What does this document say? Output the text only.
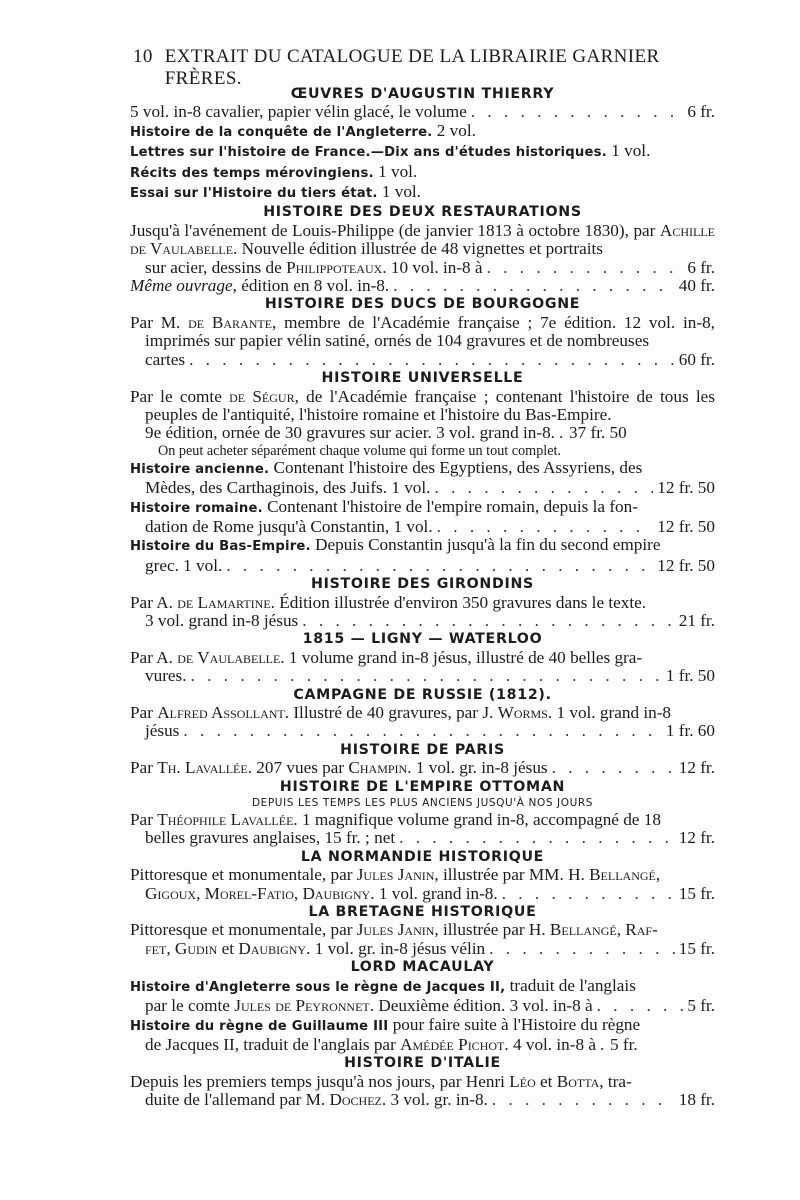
10 EXTRAIT DU CATALOGUE DE LA LIBRAIRIE GARNIER FRÈRES.
ŒUVRES D'AUGUSTIN THIERRY
5 vol. in-8 cavalier, papier vélin glacé, le volume . . .	6 fr.
Histoire de la conquête de l'Angleterre. 2 vol.
Lettres sur l'histoire de France.—Dix ans d'études historiques. 1 vol.
Récits des temps mérovingiens. 1 vol.
Essai sur l'Histoire du tiers état. 1 vol.
HISTOIRE DES DEUX RESTAURATIONS
Jusqu'à l'avénement de Louis-Philippe (de janvier 1813 à octobre 1830), par Achille de Vaulabelle. Nouvelle édition illustrée de 48 vignettes et portraits
sur acier, dessins de Philippoteaux. 10 vol. in-8 à . . .	6 fr.
Même ouvrage, édition en 8 vol. in-8. . . .	40 fr.
HISTOIRE DES DUCS DE BOURGOGNE
Par M. de Barante, membre de l'Académie française ; 7e édition. 12 vol. in-8, imprimés sur papier vélin satiné, ornés de 104 gravures et de nombreuses
cartes . . .	60 fr.
HISTOIRE UNIVERSELLE
Par le comte de Ségur, de l'Académie française ; contenant l'histoire de tous les peuples de l'antiquité, l'histoire romaine et l'histoire du Bas-Empire.
9e édition, ornée de 30 gravures sur acier. 3 vol. grand in-8. . . . 37 fr. 50
On peut acheter séparément chaque volume qui forme un tout complet.
Histoire ancienne. Contenant l'histoire des Egyptiens, des Assyriens, des
Mèdes, des Carthaginois, des Juifs. 1 vol. . . .	12 fr. 50
Histoire romaine. Contenant l'histoire de l'empire romain, depuis la fon-
dation de Rome jusqu'à Constantin, 1 vol. . . .	12 fr. 50
Histoire du Bas-Empire. Depuis Constantin jusqu'à la fin du second empire
grec. 1 vol. . . .	12 fr. 50
HISTOIRE DES GIRONDINS
Par A. de Lamartine. Édition illustrée d'environ 350 gravures dans le texte.
3 vol. grand in-8 jésus . . .	21 fr.
1815 — LIGNY — WATERLOO
Par A. de Vaulabelle. 1 volume grand in-8 jésus, illustré de 40 belles gra-
vures. . . .	1 fr. 50
CAMPAGNE DE RUSSIE (1812).
Par Alfred Assollant. Illustré de 40 gravures, par J. Worms. 1 vol. grand in-8
jésus . . .	1 fr. 60
HISTOIRE DE PARIS
Par Th. Lavallée. 207 vues par Champin. 1 vol. gr. in-8 jésus . . .	12 fr.
HISTOIRE DE L'EMPIRE OTTOMAN
DEPUIS LES TEMPS LES PLUS ANCIENS JUSQU'À NOS JOURS
Par Théophile Lavallée. 1 magnifique volume grand in-8, accompagné de 18
belles gravures anglaises, 15 fr. ; net . . .	12 fr.
LA NORMANDIE HISTORIQUE
Pittoresque et monumentale, par Jules Janin, illustrée par MM. H. Bellangé,
Gigoux, Morel-Fatio, Daubigny. 1 vol. grand in-8. . . .	15 fr.
LA BRETAGNE HISTORIQUE
Pittoresque et monumentale, par Jules Janin, illustrée par H. Bellangé, Raf-
fet, Gudin et Daubigny. 1 vol. gr. in-8 jésus vélin . . .	15 fr.
LORD MACAULAY
Histoire d'Angleterre sous le règne de Jacques II, traduit de l'anglais
par le comte Jules de Peyronnet. Deuxième édition. 3 vol. in-8 à . . .	5 fr.
Histoire du règne de Guillaume III pour faire suite à l'Histoire du règne
de Jacques II, traduit de l'anglais par Amédée Pichot. 4 vol. in-8 à . . . 5 fr.
HISTOIRE D'ITALIE
Depuis les premiers temps jusqu'à nos jours, par Henri Léo et Botta, tra-
duite de l'allemand par M. Dochez. 3 vol. gr. in-8. . . .	18 fr.
